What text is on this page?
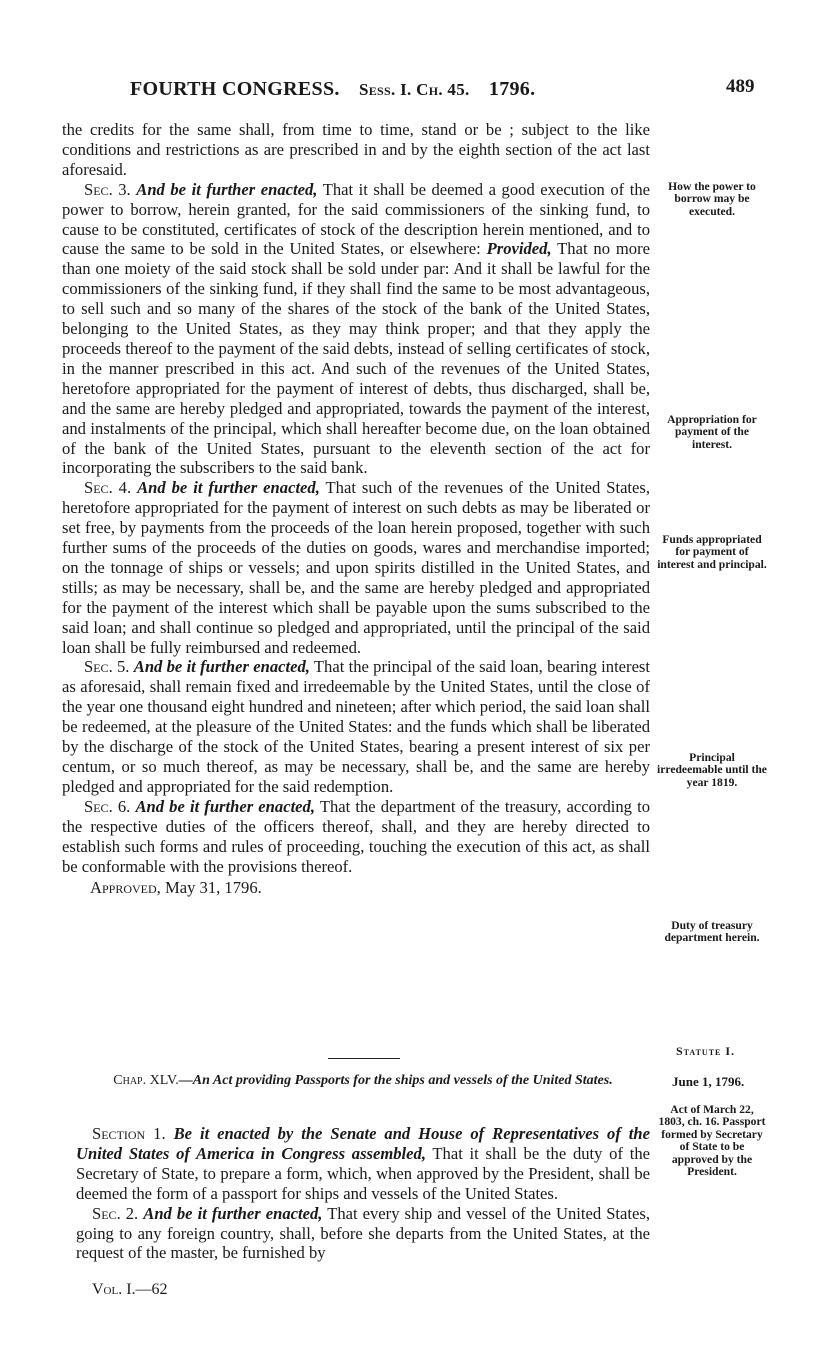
FOURTH CONGRESS. Sess. I. Ch. 45. 1796.	489

the credits for the same shall, from time to time, stand or be ; subject to the like conditions and restrictions as are prescribed in and by the eighth section of the act last aforesaid.

Sec. 3. And be it further enacted, That it shall be deemed a good execution of the power to borrow, herein granted, for the said commissioners of the sinking fund, to cause to be constituted, certificates of stock of the description herein mentioned, and to cause the same to be sold in the United States, or elsewhere: Provided, That no more than one moiety of the said stock shall be sold under par: And it shall be lawful for the commissioners of the sinking fund, if they shall find the same to be most advantageous, to sell such and so many of the shares of the stock of the bank of the United States, belonging to the United States, as they may think proper; and that they apply the proceeds thereof to the payment of the said debts, instead of selling certificates of stock, in the manner prescribed in this act. And such of the revenues of the United States, heretofore appropriated for the payment of interest of debts, thus discharged, shall be, and the same are hereby pledged and appropriated, towards the payment of the interest, and instalments of the principal, which shall hereafter become due, on the loan obtained of the bank of the United States, pursuant to the eleventh section of the act for incorporating the subscribers to the said bank.

Sec. 4. And be it further enacted, That such of the revenues of the United States, heretofore appropriated for the payment of interest on such debts as may be liberated or set free, by payments from the proceeds of the loan herein proposed, together with such further sums of the proceeds of the duties on goods, wares and merchandise imported; on the tonnage of ships or vessels; and upon spirits distilled in the United States, and stills; as may be necessary, shall be, and the same are hereby pledged and appropriated for the payment of the interest which shall be payable upon the sums subscribed to the said loan; and shall continue so pledged and appropriated, until the principal of the said loan shall be fully reimbursed and redeemed.

Sec. 5. And be it further enacted, That the principal of the said loan, bearing interest as aforesaid, shall remain fixed and irredeemable by the United States, until the close of the year one thousand eight hundred and nineteen; after which period, the said loan shall be redeemed, at the pleasure of the United States: and the funds which shall be liberated by the discharge of the stock of the United States, bearing a present interest of six per centum, or so much thereof, as may be necessary, shall be, and the same are hereby pledged and appropriated for the said redemption.

Sec. 6. And be it further enacted, That the department of the treasury, according to the respective duties of the officers thereof, shall, and they are hereby directed to establish such forms and rules of proceeding, touching the execution of this act, as shall be conformable with the provisions thereof.

Approved, May 31, 1796.

How the power to borrow may be executed.
Appropriation for payment of the interest.
Funds appropriated for payment of interest and principal.
Principal irredeemable until the year 1819.
Duty of treasury department herein.
Statute I.
Chap. XLV.—An Act providing Passports for the ships and vessels of the United States.	June 1, 1796.
Act of March 22, 1803, ch. 16. Passport formed by Secretary of State to be approved by the President.

Section 1. Be it enacted by the Senate and House of Representatives of the United States of America in Congress assembled, That it shall be the duty of the Secretary of State, to prepare a form, which, when approved by the President, shall be deemed the form of a passport for ships and vessels of the United States.

Sec. 2. And be it further enacted, That every ship and vessel of the United States, going to any foreign country, shall, before she departs from the United States, at the request of the master, be furnished by

Vol. I.—62
